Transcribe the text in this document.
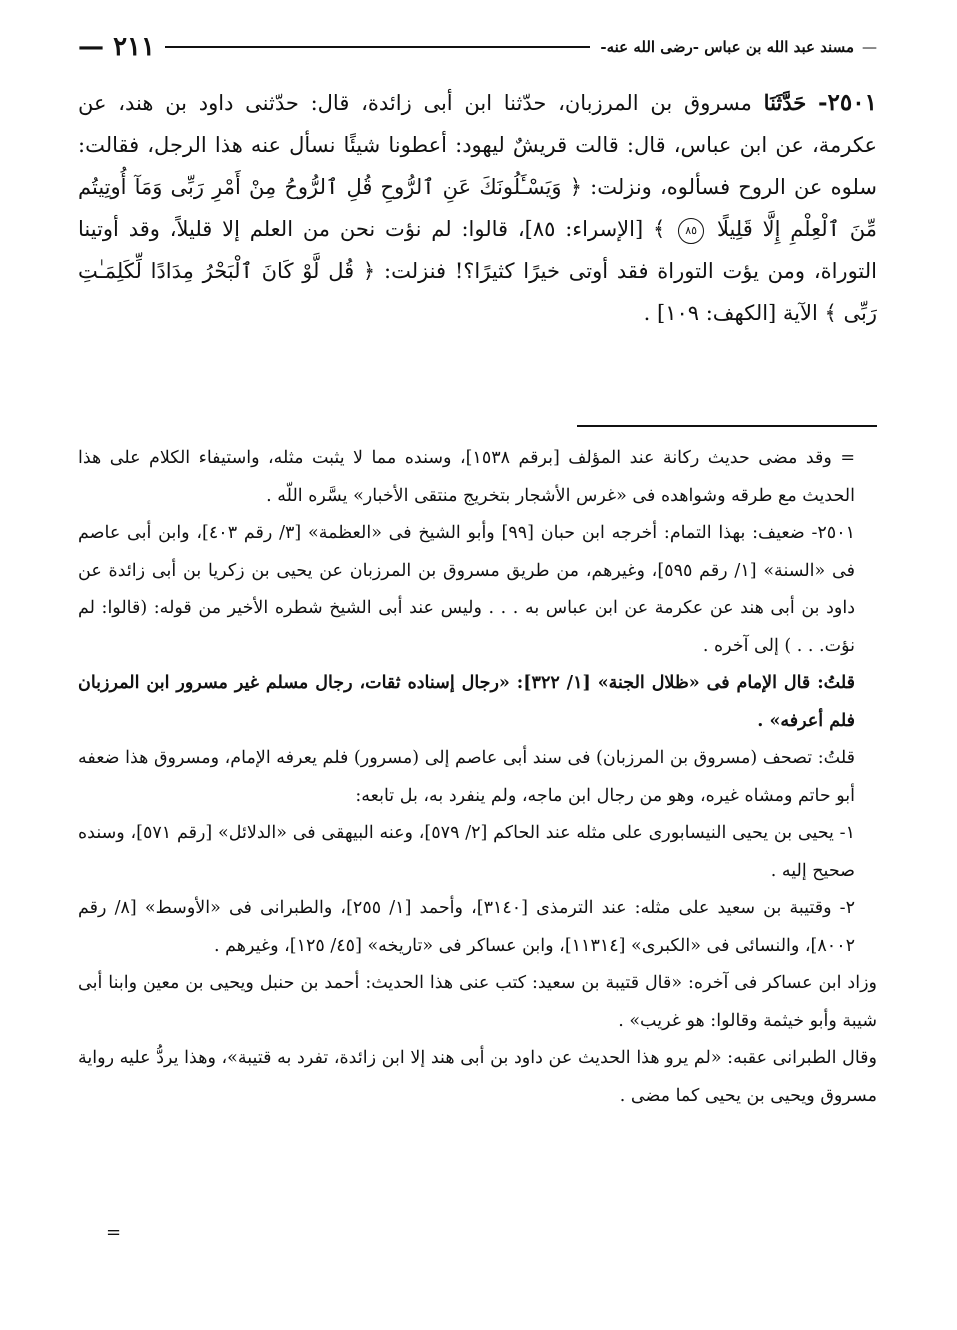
—
مسند عبد الله بن عباس -رضى الله عنه-
٢١١ —
٢٥٠١- حَدَّثَنَا مسروق بن المرزبان، حدّثنا ابن أبى زائدة، قال: حدّثنى داود بن هند، عن عكرمة، عن ابن عباس، قال: قالت قريشٌ ليهود: أعطونا شيئًا نسأل عنه هذا الرجل، فقالت: سلوه عن الروح فسألوه، ونزلت: ﴿ وَيَسْـَٔلُونَكَ عَنِ ٱلرُّوحِ قُلِ ٱلرُّوحُ مِنْ أَمْرِ رَبِّى وَمَآ أُوتِيتُم مِّنَ ٱلْعِلْمِ إِلَّا قَلِيلًا ٨٥ ﴾ [الإسراء: ٨٥]، قالوا: لم نؤت نحن من العلم إلا قليلاً، وقد أوتينا التوراة، ومن يؤت التوراة فقد أوتى خيرًا كثيرًا؟! فنزلت: ﴿ قُل لَّوْ كَانَ ٱلْبَحْرُ مِدَادًا لِّكَلِمَـٰتِ رَبِّى ﴾ الآية [الكهف: ١٠٩] .

= وقد مضى حديث ركانة عند المؤلف [برقم ١٥٣٨]، وسنده مما لا يثبت مثله، واستيفاء الكلام على هذا الحديث مع طرقه وشواهده فى «غرس الأشجار بتخريج منتقى الأخبار» يسَّره اللّه .

٢٥٠١- ضعيف: بهذا التمام: أخرجه ابن حبان [٩٩] وأبو الشيخ فى «العظمة» [٣/ رقم ٤٠٣]، وابن أبى عاصم فى «السنة» [١/ رقم ٥٩٥]، وغيرهم، من طريق مسروق بن المرزبان عن يحيى بن زكريا بن أبى زائدة عن داود بن أبى هند عن عكرمة عن ابن عباس به . . . وليس عند أبى الشيخ شطره الأخير من قوله: (قالوا: لم نؤت. . . ) إلى آخره .

قلتُ: قال الإمام فى «ظلال الجنة» [١/ ٣٢٢]: «رجال إسناده ثقات، رجال مسلم غير مسرور ابن المرزبان فلم أعرفه» .

قلتُ: تصحف (مسروق بن المرزبان) فى سند أبى عاصم إلى (مسرور) فلم يعرفه الإمام، ومسروق هذا ضعفه أبو حاتم ومشاه غيره، وهو من رجال ابن ماجه، ولم ينفرد به، بل تابعه:

١- يحيى بن يحيى النيسابورى على مثله عند الحاكم [٢/ ٥٧٩]، وعنه البيهقى فى «الدلائل» [رقم ٥٧١]، وسنده صحيح إليه .

٢- وقتيبة بن سعيد على مثله: عند الترمذى [٣١٤٠]، وأحمد [١/ ٢٥٥]، والطبرانى فى «الأوسط» [٨/ رقم ٨٠٠٢]، والنسائى فى «الكبرى» [١١٣١٤]، وابن عساكر فى «تاريخه» [٤٥/ ١٢٥]، وغيرهم .

وزاد ابن عساكر فى آخره: «قال قتيبة بن سعيد: كتب عنى هذا الحديث: أحمد بن حنبل ويحيى بن معين وابنا أبى شيبة وأبو خيثمة وقالوا: هو غريب» .

وقال الطبرانى عقبه: «لم يرو هذا الحديث عن داود بن أبى هند إلا ابن زائدة، تفرد به قتيبة»، وهذا يردُّ عليه رواية مسروق ويحيى بن يحيى كما مضى .

=
